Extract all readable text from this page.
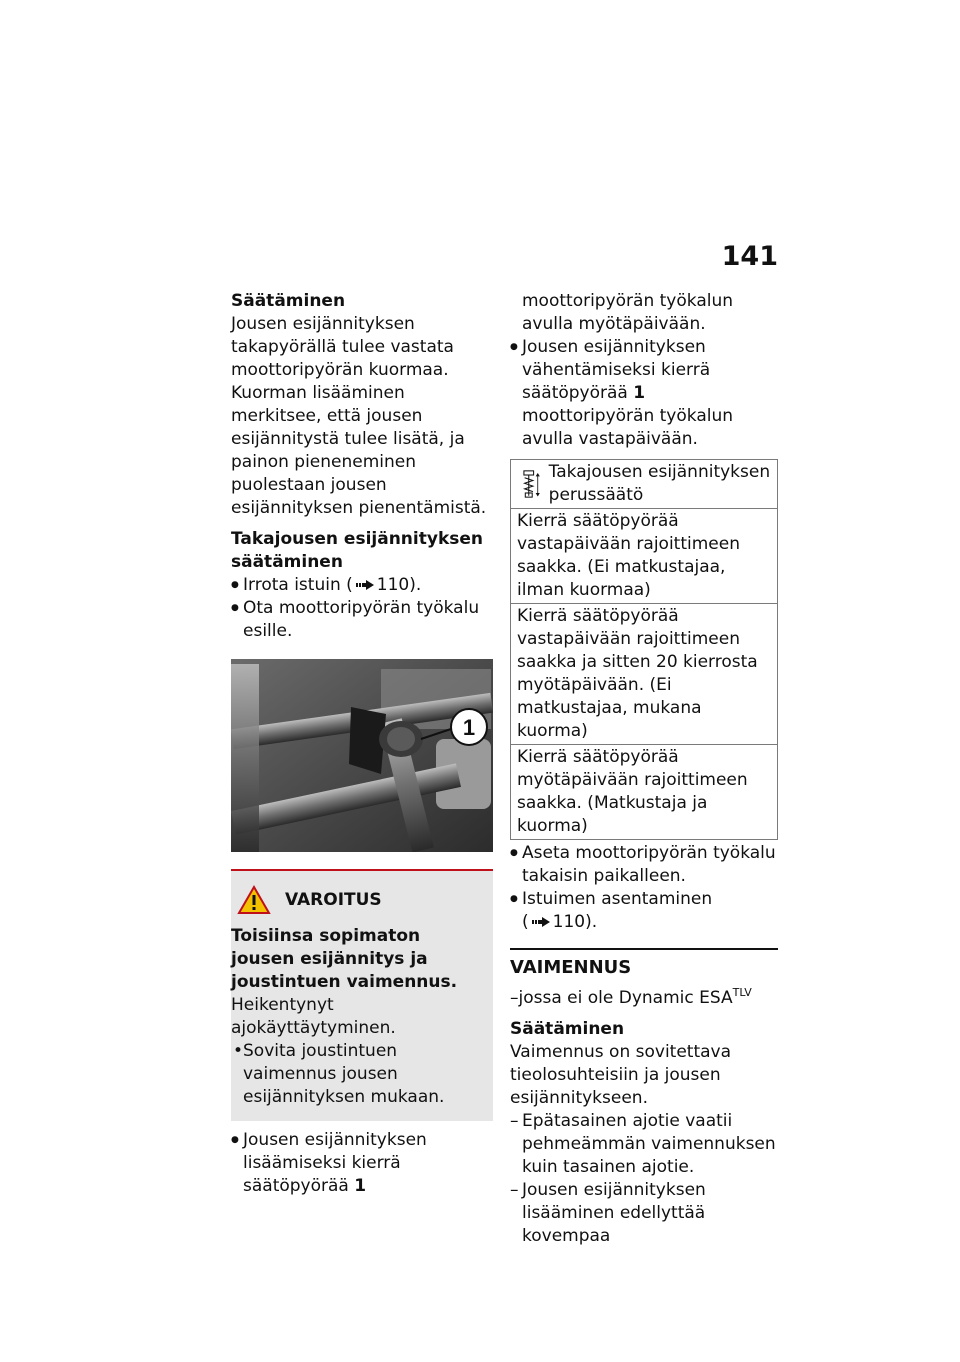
141

Säätäminen

Jousen esijännityksen takapyörällä tulee vastata moottoripyörän kuormaa. Kuorman lisääminen merkitsee, että jousen esijännitystä tulee lisätä, ja painon pieneneminen puolestaan jousen esijännityksen pienentämistä.

Takajousen esijännityksen säätäminen

● Irrota istuin ( 110).
● Ota moottoripyörän työkalu esille.
1
VAROITUS

Toisiinsa sopimaton jousen esijännitys ja joustintuen vaimennus.

Heikentynyt ajokäyttäytyminen.

• Sovita joustintuen vaimennus jousen esijännityksen mukaan.
● Jousen esijännityksen lisäämiseksi kierrä säätöpyörää 1

moottoripyörän työkalun avulla myötäpäivään.

● Jousen esijännityksen vähentämiseksi kierrä säätöpyörää 1 moottoripyörän työkalun avulla vastapäivään.
Takajousen esijännityksen perussäätö

Kierrä säätöpyörää vastapäivään rajoittimeen saakka. (Ei matkustajaa, ilman kuormaa)
Kierrä säätöpyörää vastapäivään rajoittimeen saakka ja sitten 20 kierrosta myötäpäivään. (Ei matkustajaa, mukana kuorma)
Kierrä säätöpyörää myötäpäivään rajoittimeen saakka. (Matkustaja ja kuorma)
● Aseta moottoripyörän työkalu takaisin paikalleen.
● Istuimen asentaminen
( 110).
VAIMENNUS

–jossa ei ole Dynamic $ESA^{TLV}$

Säätäminen

Vaimennus on sovitettava tieolosuhteisiin ja jousen esijännitykseen.

– Epätasainen ajotie vaatii pehmeämmän vaimennuksen kuin tasainen ajotie.
– Jousen esijännityksen lisääminen edellyttää kovempaa
